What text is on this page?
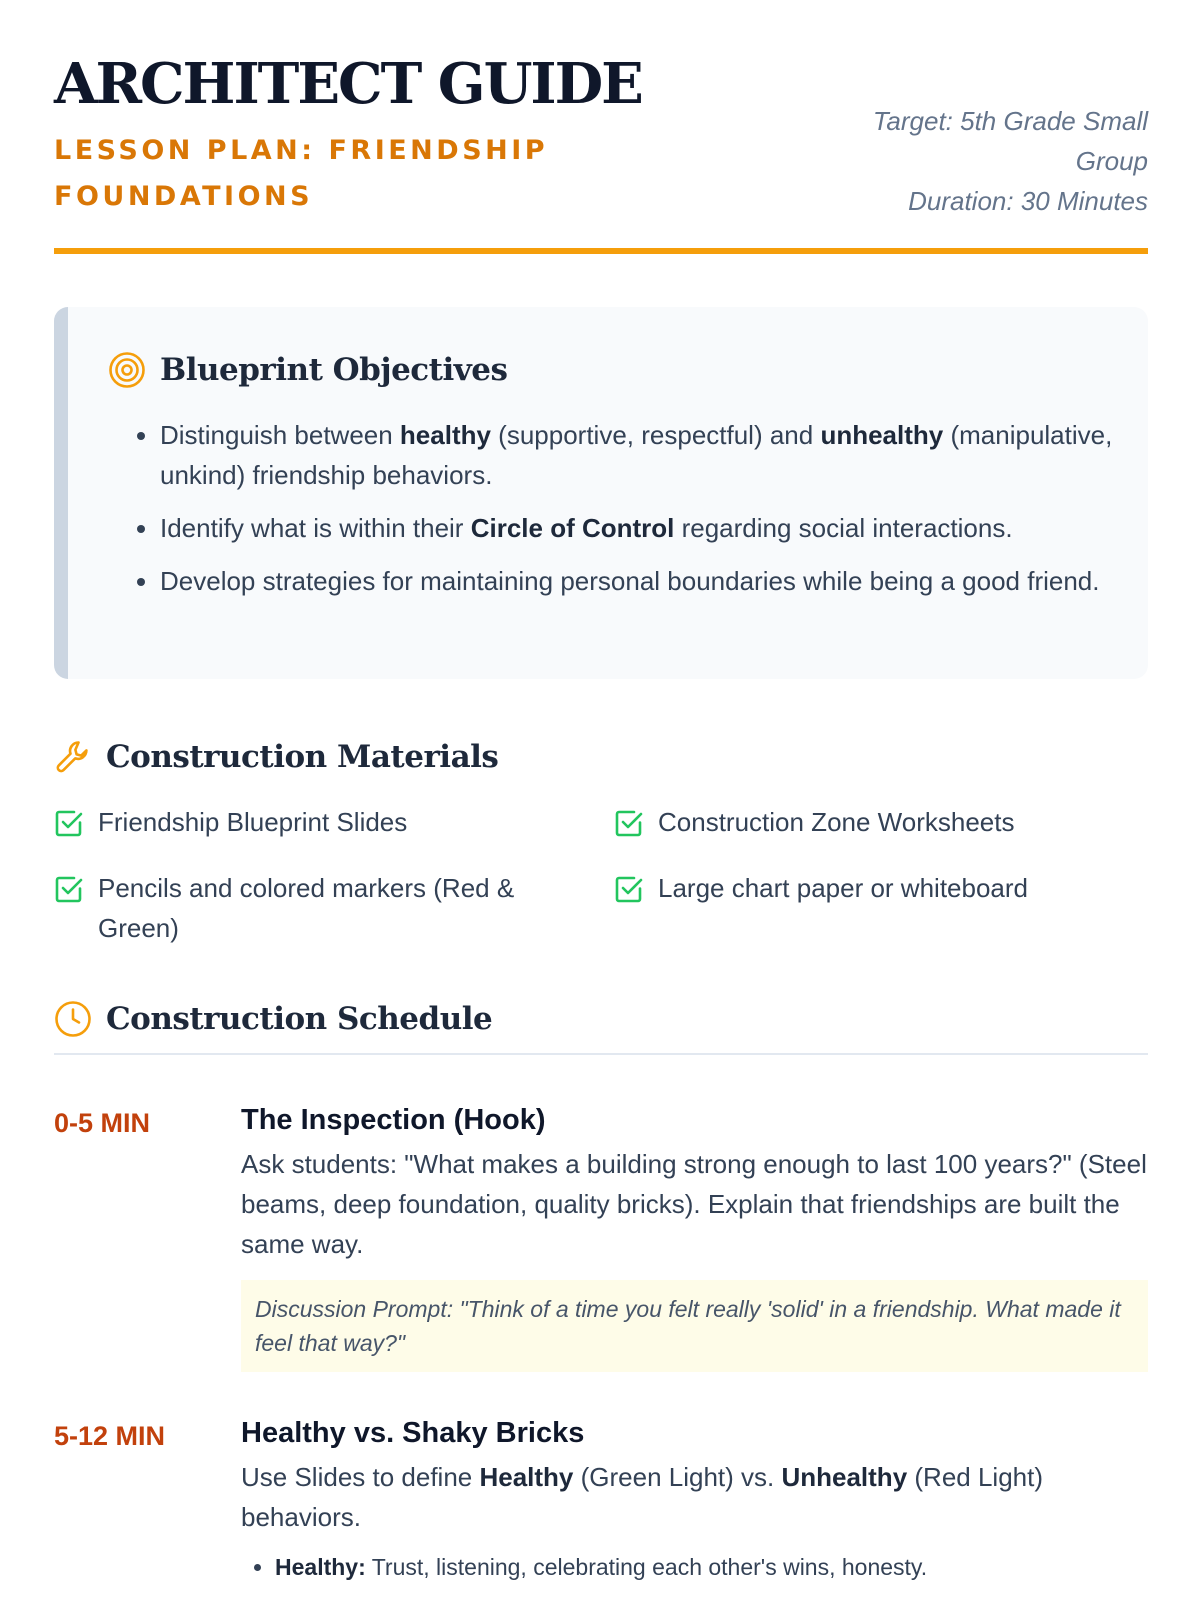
ARCHITECT GUIDE
LESSON PLAN: FRIENDSHIP FOUNDATIONS
Target: 5th Grade Small Group
Duration: 30 Minutes
Blueprint Objectives
• Distinguish between healthy (supportive, respectful) and unhealthy (manipulative, unkind) friendship behaviors.
• Identify what is within their Circle of Control regarding social interactions.
• Develop strategies for maintaining personal boundaries while being a good friend.
Construction Materials
Friendship Blueprint Slides	Construction Zone Worksheets
Pencils and colored markers (Red & Green)
Large chart paper or whiteboard
Construction Schedule
0-5 MIN	The Inspection (Hook)

Ask students: "What makes a building strong enough to last 100 years?" (Steel beams, deep foundation, quality bricks). Explain that friendships are built the same way.

Discussion Prompt: "Think of a time you felt really 'solid' in a friendship. What made it feel that way?"
5-12 MIN	Healthy vs. Shaky Bricks

Use Slides to define Healthy (Green Light) vs. Unhealthy (Red Light) behaviors.

• Healthy: Trust, listening, celebrating each other's wins, honesty.
